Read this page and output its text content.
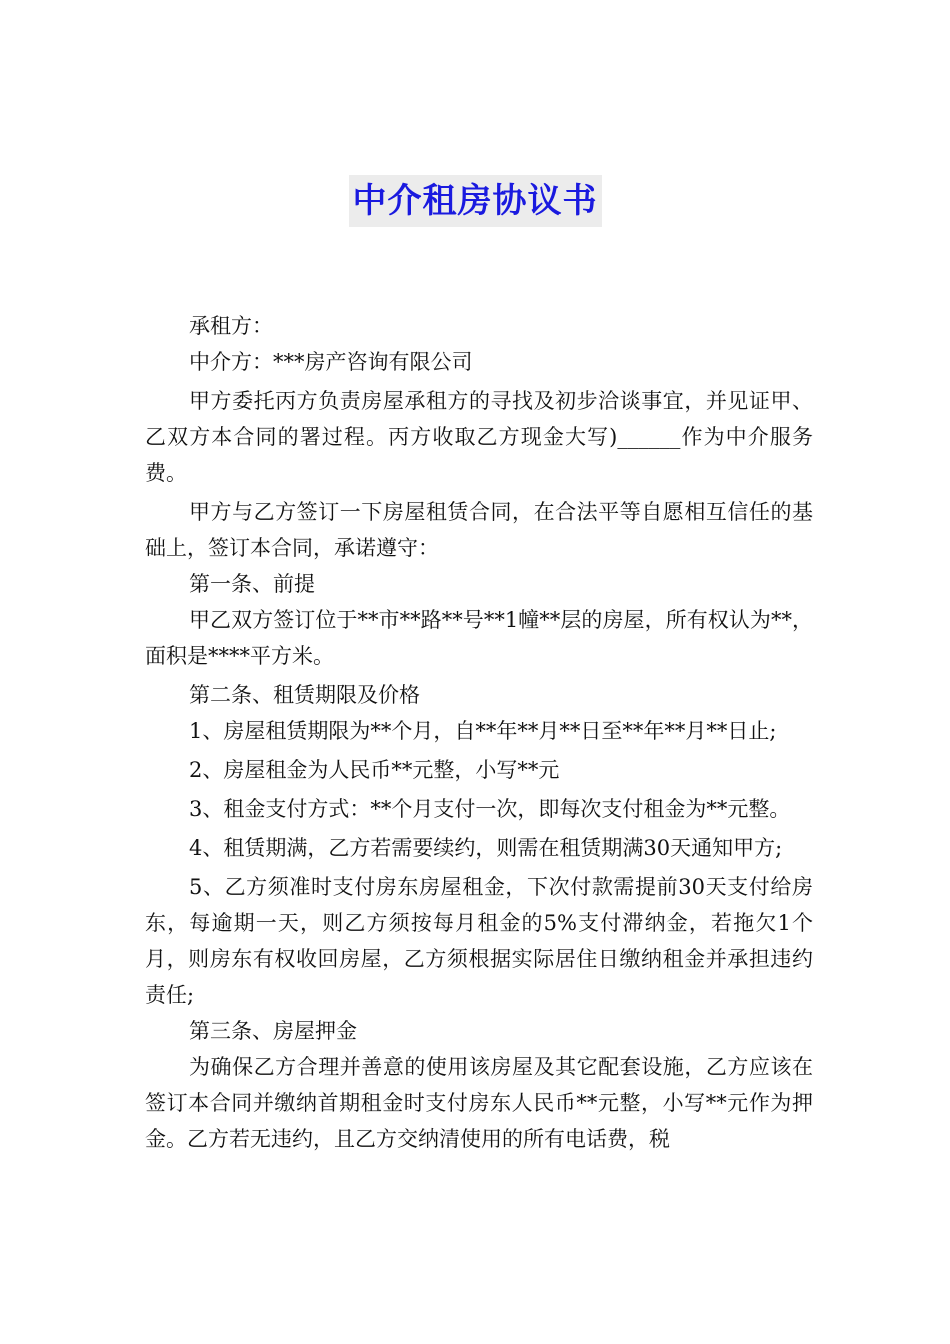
中介租房协议书

承租方：

中介方：***房产咨询有限公司

甲方委托丙方负责房屋承租方的寻找及初步洽谈事宜，并见证甲、乙双方本合同的署过程。丙方收取乙方现金大写)______作为中介服务费。

甲方与乙方签订一下房屋租赁合同，在合法平等自愿相互信任的基础上，签订本合同，承诺遵守：

第一条、前提

甲乙双方签订位于**市**路**号**1幢**层的房屋，所有权认为**，面积是****平方米。

第二条、租赁期限及价格

1、房屋租赁期限为**个月，自**年**月**日至**年**月**日止;

2、房屋租金为人民币**元整，小写**元

3、租金支付方式：**个月支付一次，即每次支付租金为**元整。

4、租赁期满，乙方若需要续约，则需在租赁期满30天通知甲方;

5、乙方须准时支付房东房屋租金，下次付款需提前30天支付给房东，每逾期一天，则乙方须按每月租金的5%支付滞纳金，若拖欠1个月，则房东有权收回房屋，乙方须根据实际居住日缴纳租金并承担违约责任;

第三条、房屋押金

为确保乙方合理并善意的使用该房屋及其它配套设施，乙方应该在签订本合同并缴纳首期租金时支付房东人民币**元整，小写**元作为押金。乙方若无违约，且乙方交纳清使用的所有电话费，税
